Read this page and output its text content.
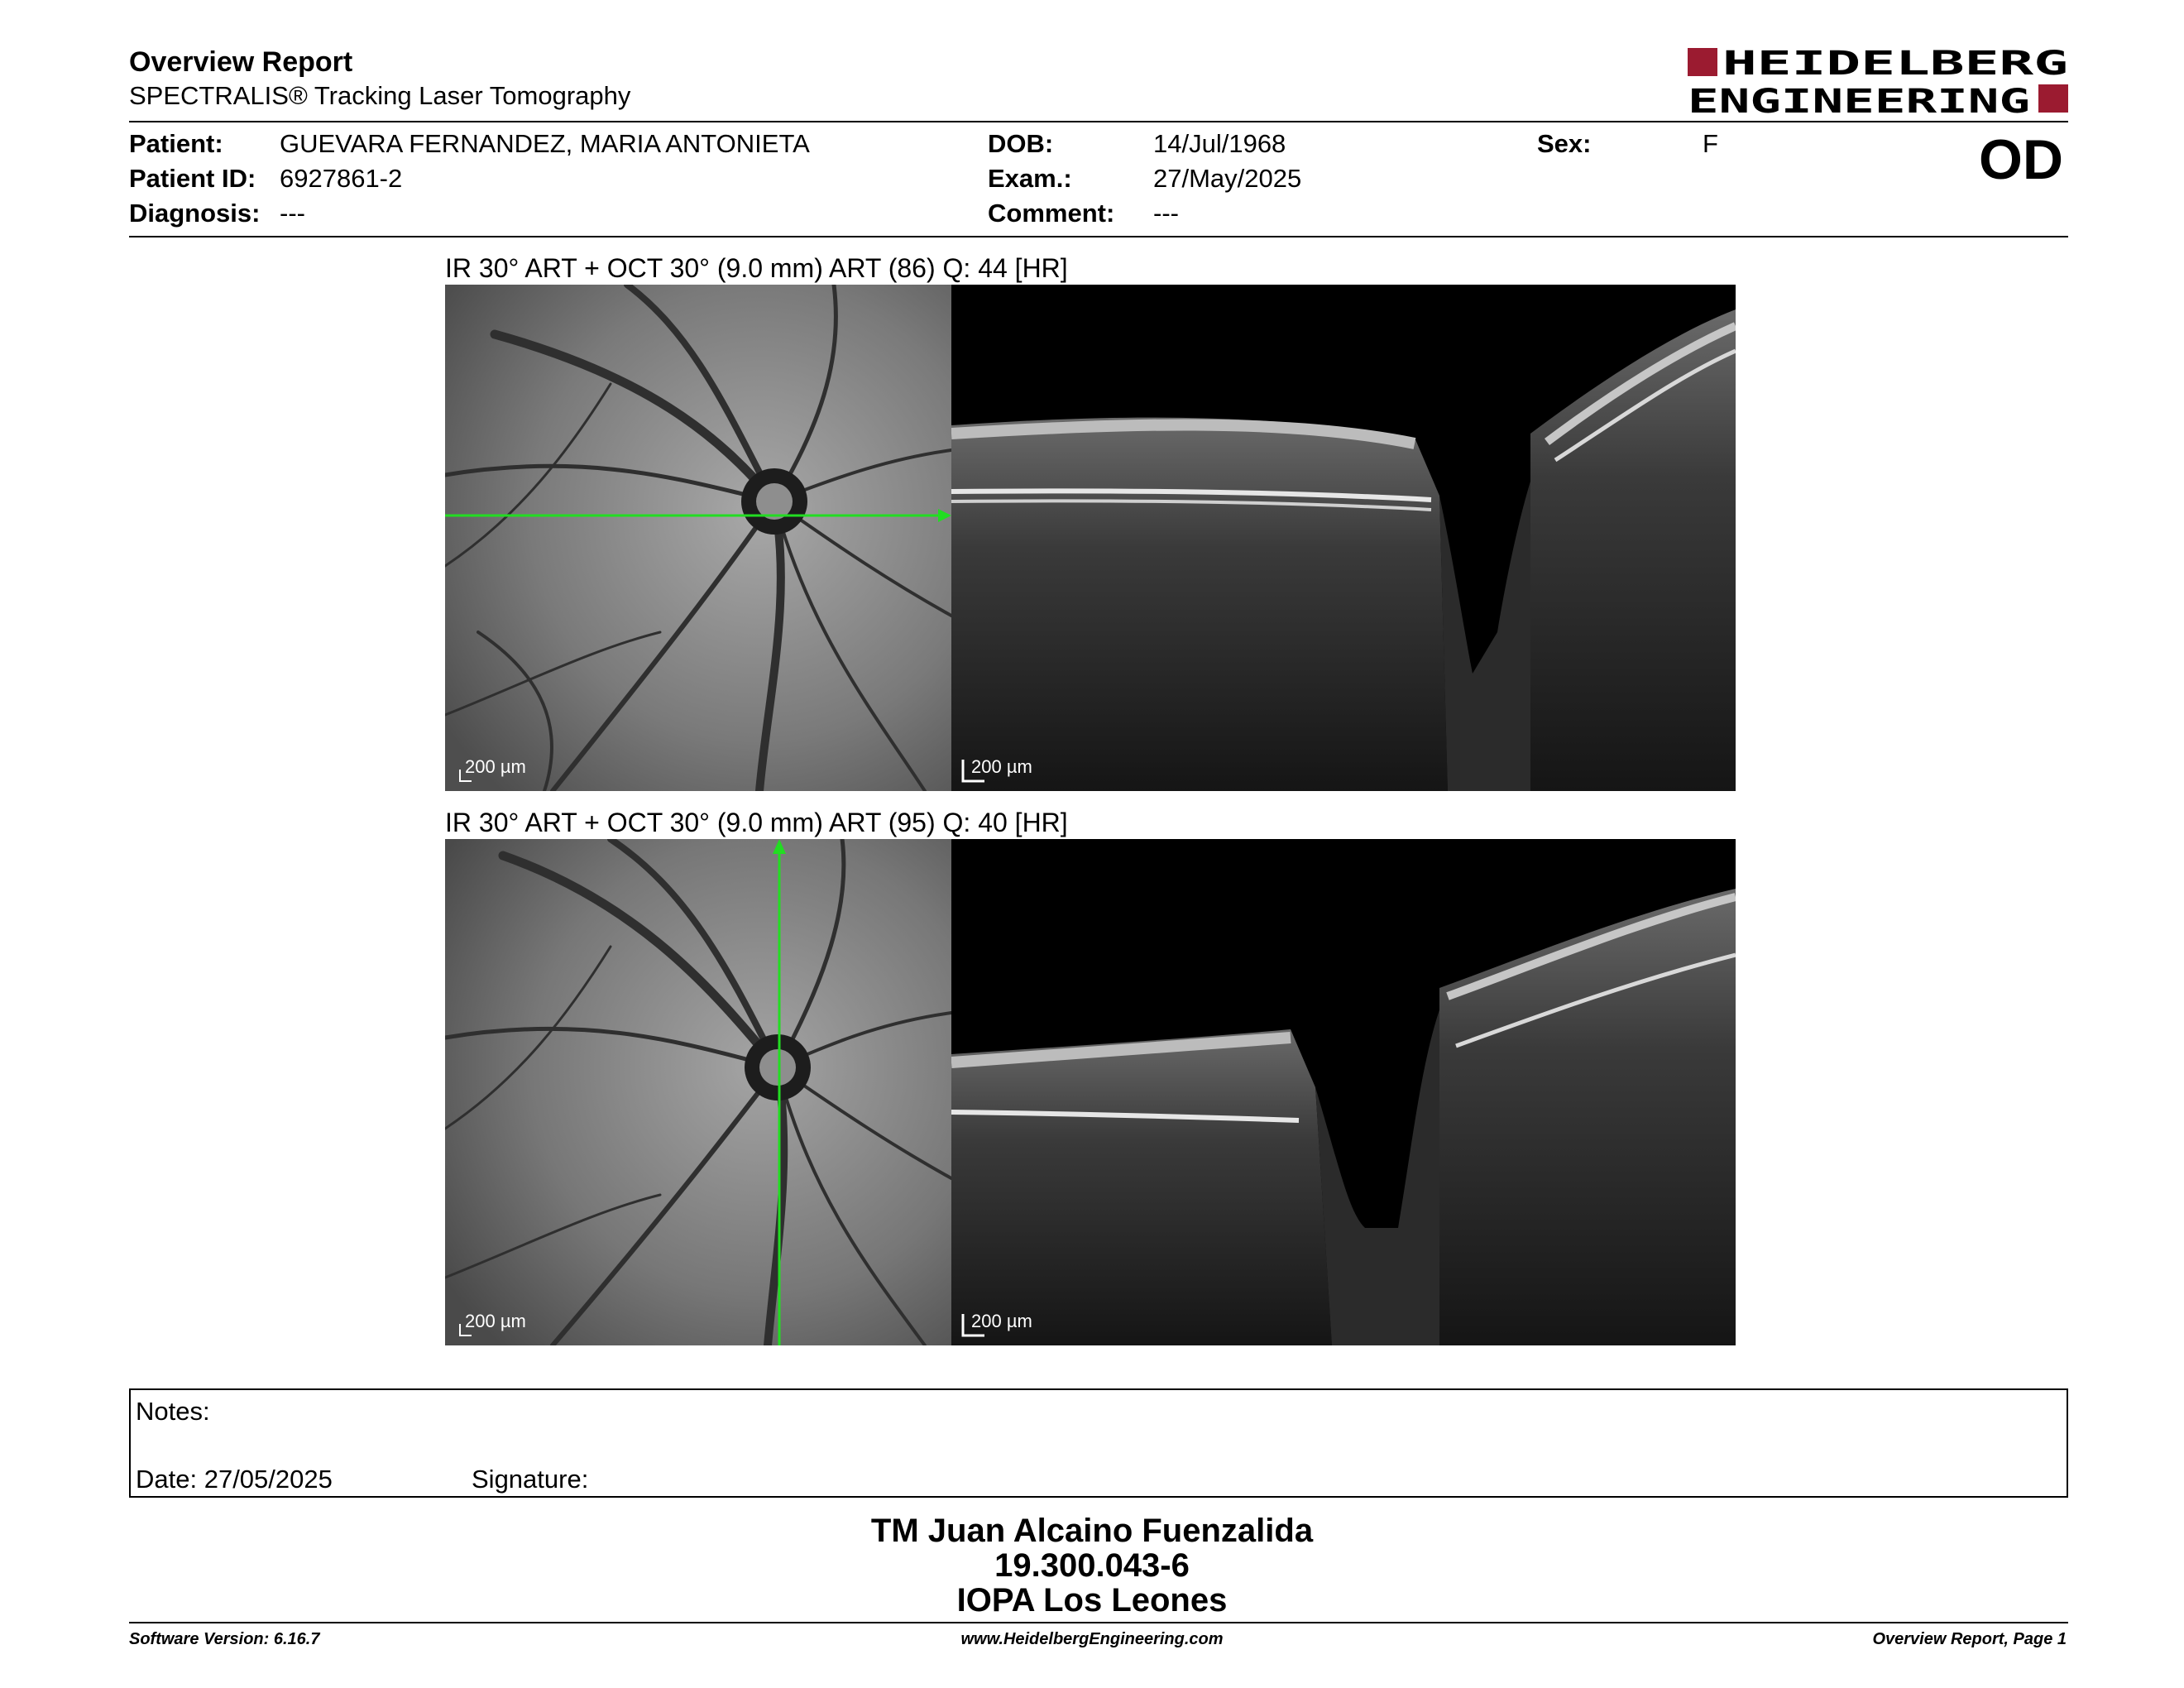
Overview Report
SPECTRALIS® Tracking Laser Tomography
HEIDELBERG
ENGINEERING
Patient: GUEVARA FERNANDEZ, MARIA ANTONIETA
Patient ID: 6927861-2
Diagnosis: ---
DOB:	14/Jul/1968
Exam.:	27/May/2025
Comment: ---
Sex:	F	OD
IR 30° ART + OCT 30° (9.0 mm) ART (86) Q: 44 [HR]
200 µm	200 µm
IR 30° ART + OCT 30° (9.0 mm) ART (95) Q: 40 [HR]
200 µm	200 µm
Notes:
Date: 27/05/2025	Signature:
TM Juan Alcaino Fuenzalida
19.300.043-6
IOPA Los Leones
Software Version: 6.16.7	www.HeidelbergEngineering.com	Overview Report, Page 1
